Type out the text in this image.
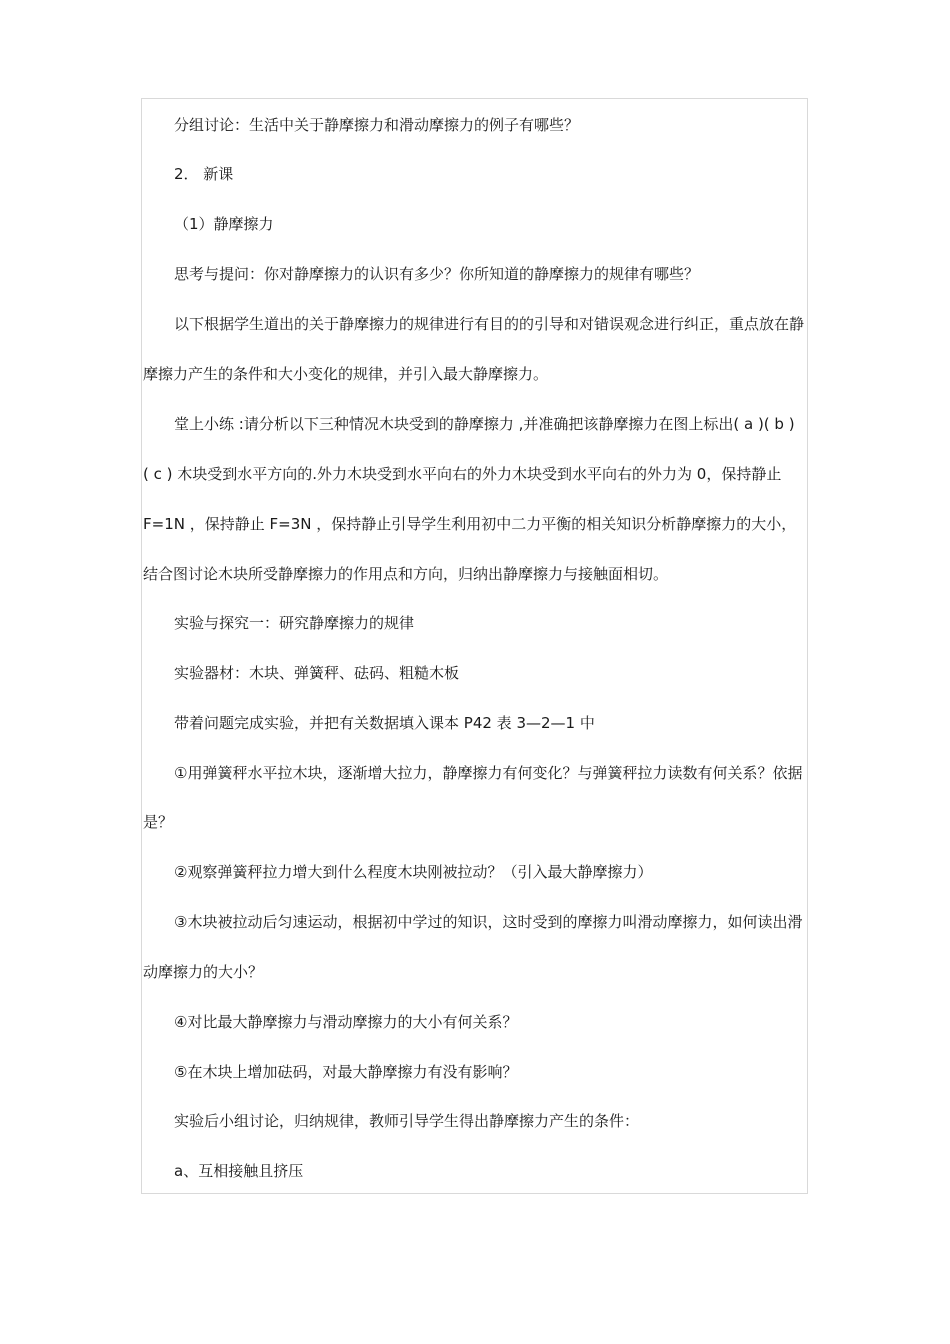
分组讨论：生活中关于静摩擦力和滑动摩擦力的例子有哪些？
2． 新课
（1）静摩擦力
思考与提问：你对静摩擦力的认识有多少？你所知道的静摩擦力的规律有哪些？
以下根据学生道出的关于静摩擦力的规律进行有目的的引导和对错误观念进行纠正，重点放在静
摩擦力产生的条件和大小变化的规律，并引入最大静摩擦力。
堂上小练 :请分析以下三种情况木块受到的静摩擦力 ,并准确把该静摩擦力在图上标出( a )( b )
( c ) 木块受到水平方向的.外力木块受到水平向右的外力木块受到水平向右的外力为 0，保持静止
F=1N ，保持静止 F=3N ，保持静止引导学生利用初中二力平衡的相关知识分析静摩擦力的大小，
结合图讨论木块所受静摩擦力的作用点和方向，归纳出静摩擦力与接触面相切。
实验与探究一：研究静摩擦力的规律
实验器材：木块、弹簧秤、砝码、粗糙木板
带着问题完成实验，并把有关数据填入课本 P42 表 3—2—1 中
①用弹簧秤水平拉木块，逐渐增大拉力，静摩擦力有何变化？与弹簧秤拉力读数有何关系？依据
是？
②观察弹簧秤拉力增大到什么程度木块刚被拉动？（引入最大静摩擦力）
③木块被拉动后匀速运动，根据初中学过的知识，这时受到的摩擦力叫滑动摩擦力，如何读出滑
动摩擦力的大小？
④对比最大静摩擦力与滑动摩擦力的大小有何关系？
⑤在木块上增加砝码，对最大静摩擦力有没有影响？
实验后小组讨论，归纳规律，教师引导学生得出静摩擦力产生的条件：
a、互相接触且挤压
